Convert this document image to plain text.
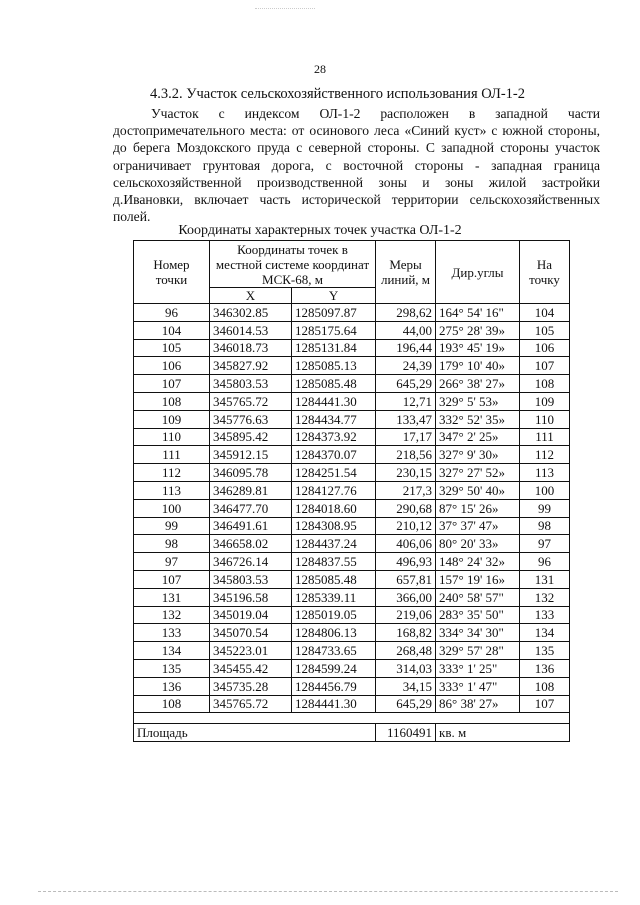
28
4.3.2. Участок сельскохозяйственного использования ОЛ-1-2
Участок с индексом ОЛ-1-2 расположен в западной части достопримечательного места: от осинового леса «Синий куст» с южной стороны, до берега Моздокского пруда с северной стороны. С западной стороны участок ограничивает грунтовая дорога, с восточной стороны - западная граница сельскохозяйственной производственной зоны и зоны жилой застройки д.Ивановки, включает часть исторической территории сельскохозяйственных полей.
Координаты характерных точек участка ОЛ-1-2
Номер точки	Координаты точек в местной системе координат МСК-68, м		Меры линий, м	Дир.углы	На точку
	X	Y			
96	346302.85	1285097.87	298,62	164° 54' 16"	104
104	346014.53	1285175.64	44,00	275° 28' 39»	105
105	346018.73	1285131.84	196,44	193° 45' 19»	106
106	345827.92	1285085.13	24,39	179° 10' 40»	107
107	345803.53	1285085.48	645,29	266° 38' 27»	108
108	345765.72	1284441.30	12,71	329° 5' 53»	109
109	345776.63	1284434.77	133,47	332° 52' 35»	110
110	345895.42	1284373.92	17,17	347° 2' 25»	111
111	345912.15	1284370.07	218,56	327° 9' 30»	112
112	346095.78	1284251.54	230,15	327° 27' 52»	113
113	346289.81	1284127.76	217,3	329° 50' 40»	100
100	346477.70	1284018.60	290,68	87° 15' 26»	99
99	346491.61	1284308.95	210,12	37° 37' 47»	98
98	346658.02	1284437.24	406,06	80° 20' 33»	97
97	346726.14	1284837.55	496,93	148° 24' 32»	96
107	345803.53	1285085.48	657,81	157° 19' 16»	131
131	345196.58	1285339.11	366,00	240° 58' 57"	132
132	345019.04	1285019.05	219,06	283° 35' 50"	133
133	345070.54	1284806.13	168,82	334° 34' 30"	134
134	345223.01	1284733.65	268,48	329° 57' 28"	135
135	345455.42	1284599.24	314,03	333° 1' 25"	136
136	345735.28	1284456.79	34,15	333° 1' 47"	108
108	345765.72	1284441.30	645,29	86° 38' 27»	107

Площадь			1160491	кв. м	
